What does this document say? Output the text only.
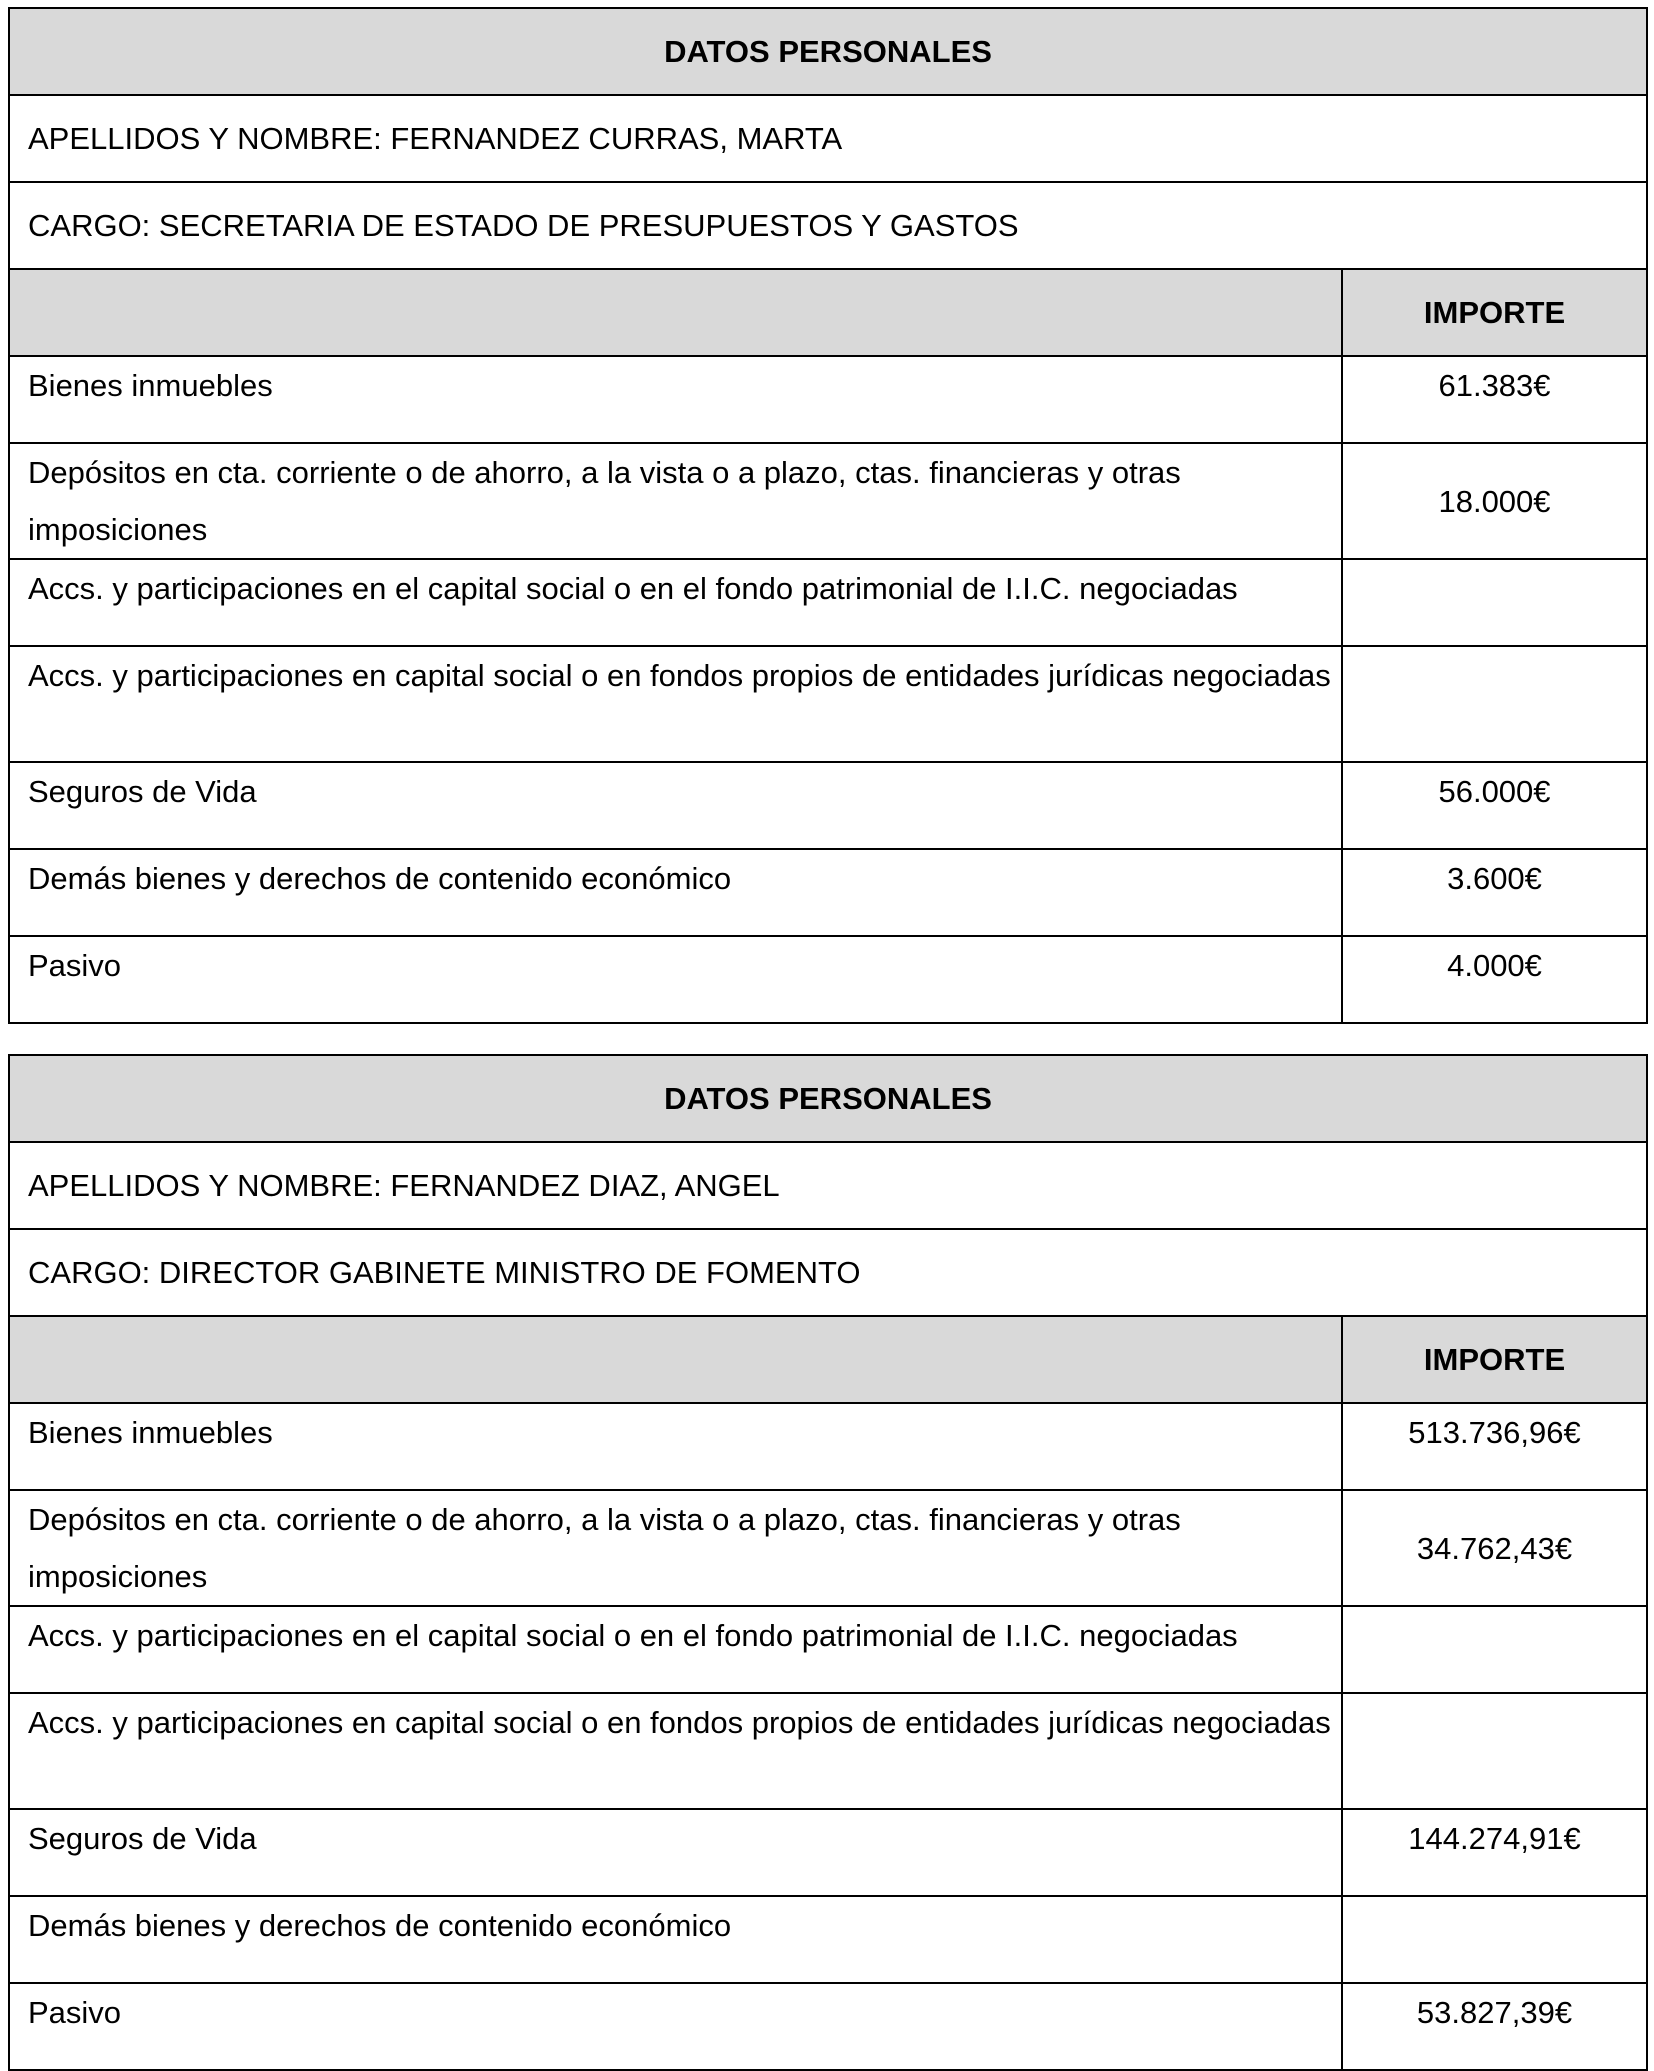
DATOS PERSONALES	
APELLIDOS Y NOMBRE: FERNANDEZ CURRAS, MARTA	
CARGO: SECRETARIA DE ESTADO DE PRESUPUESTOS Y GASTOS	
	IMPORTE
Bienes inmuebles	61.383€
Depósitos en cta. corriente o de ahorro, a la vista o a plazo, ctas. financieras y otras imposiciones	18.000€
Accs. y participaciones en el capital social o en el fondo patrimonial de I.I.C. negociadas	
Accs. y participaciones en capital social o en fondos propios de entidades jurídicas negociadas	
Seguros de Vida	56.000€
Demás bienes y derechos de contenido económico	3.600€
Pasivo	4.000€
DATOS PERSONALES	
APELLIDOS Y NOMBRE: FERNANDEZ DIAZ, ANGEL	
CARGO: DIRECTOR GABINETE MINISTRO DE FOMENTO	
	IMPORTE
Bienes inmuebles	513.736,96€
Depósitos en cta. corriente o de ahorro, a la vista o a plazo, ctas. financieras y otras imposiciones	34.762,43€
Accs. y participaciones en el capital social o en el fondo patrimonial de I.I.C. negociadas	
Accs. y participaciones en capital social o en fondos propios de entidades jurídicas negociadas	
Seguros de Vida	144.274,91€
Demás bienes y derechos de contenido económico	
Pasivo	53.827,39€
